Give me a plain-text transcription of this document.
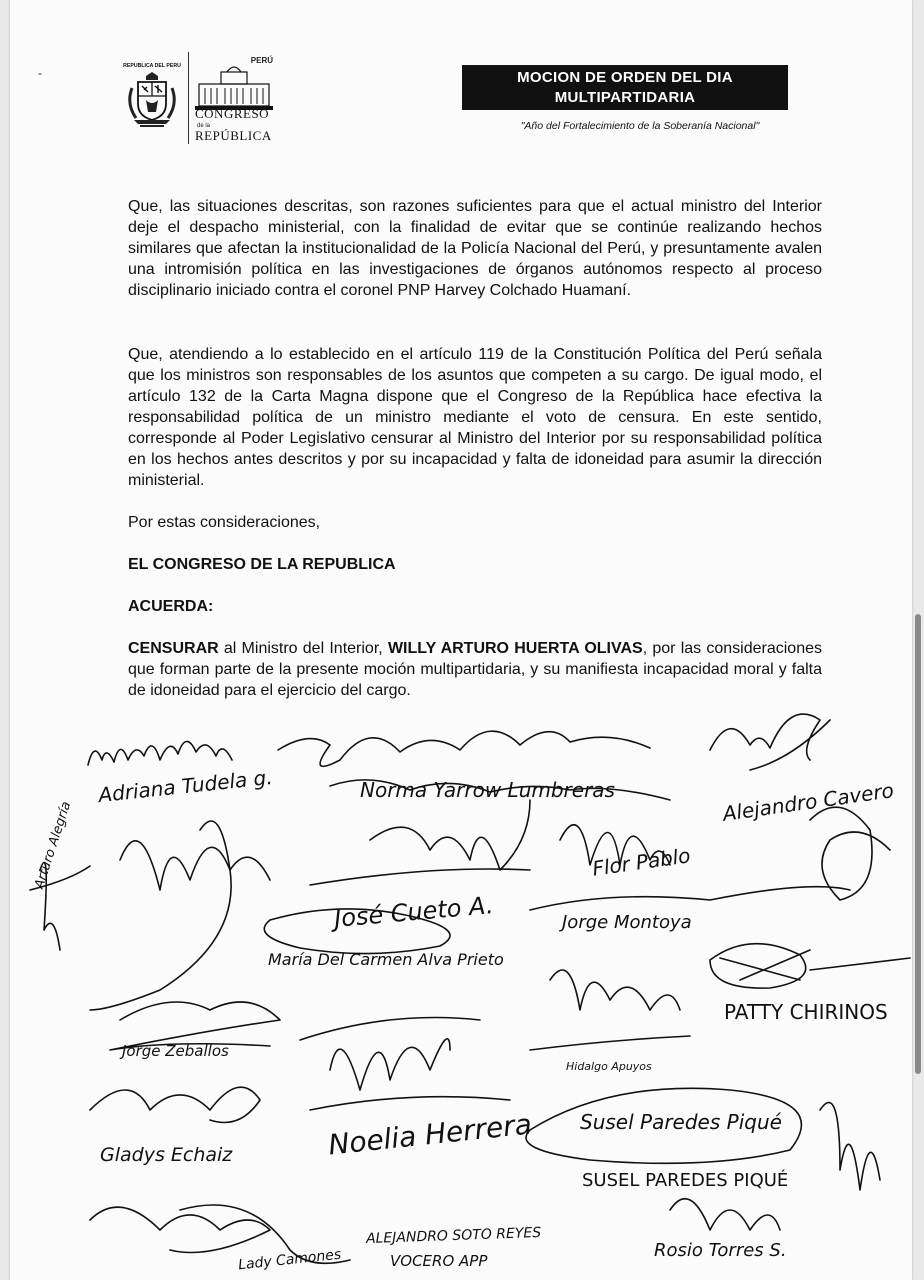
-	REPUBLICA DEL PERU
PERÚ
CONGRESO
de la
REPÚBLICA
MOCION DE ORDEN DEL DIA
MULTIPARTIDARIA
"Año del Fortalecimiento de la Soberanía Nacional"
Que, las situaciones descritas, son razones suficientes para que el actual ministro del Interior deje el despacho ministerial, con la finalidad de evitar que se continúe realizando hechos similares que afectan la institucionalidad de la Policía Nacional del Perú, y presuntamente avalen una intromisión política en las investigaciones de órganos autónomos respecto al proceso disciplinario iniciado contra el coronel PNP Harvey Colchado Huamaní.
Que, atendiendo a lo establecido en el artículo 119 de la Constitución Política del Perú señala que los ministros son responsables de los asuntos que competen a su cargo. De igual modo, el artículo 132 de la Carta Magna dispone que el Congreso de la República hace efectiva la responsabilidad política de un ministro mediante el voto de censura. En este sentido, corresponde al Poder Legislativo censurar al Ministro del Interior por su responsabilidad política en los hechos antes descritos y por su incapacidad y falta de idoneidad para asumir la dirección ministerial.
Por estas consideraciones,
EL CONGRESO DE LA REPUBLICA
ACUERDA:
CENSURAR al Ministro del Interior, WILLY ARTURO HUERTA OLIVAS, por las consideraciones que forman parte de la presente moción multipartidaria, y su manifiesta incapacidad moral y falta de idoneidad para el ejercicio del cargo.
Adriana Tudela g.	Norma Yarrow Lumbreras	Alejandro Cavero
Flor Pablo
José Cueto A.	Jorge Montoya
María Del Carmen Alva Prieto
PATTY CHIRINOS
Jorge Zeballos
Hidalgo Apuyos
Noelia Herrera
Gladys Echaiz
Susel Paredes Piqué
SUSEL PAREDES PIQUÉ
ALEJANDRO SOTO REYES
VOCERO APP	Rosio Torres S.
Lady Camones
Arturo Alegría
